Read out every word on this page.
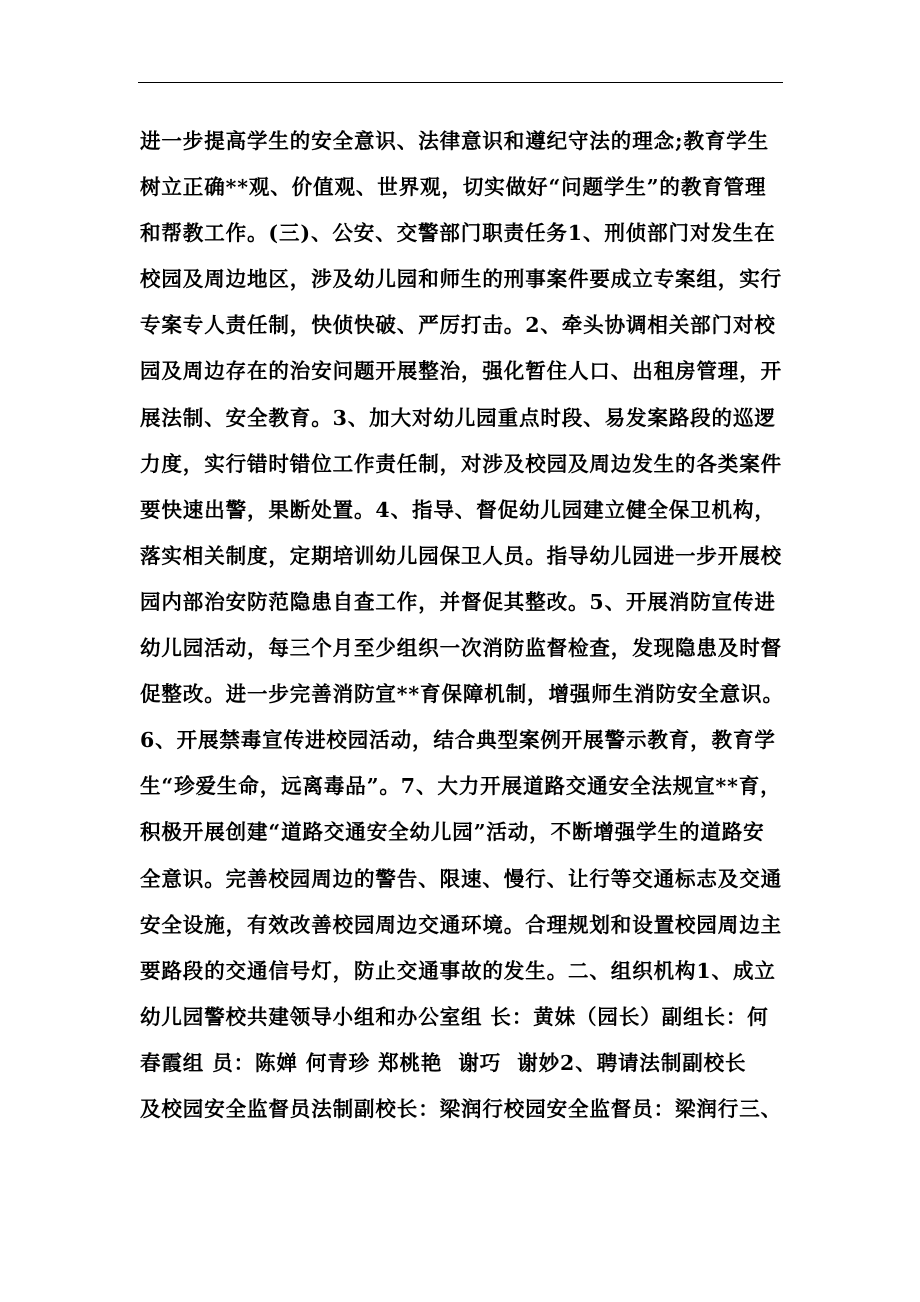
进一步提高学生的安全意识、法律意识和遵纪守法的理念;教育学生
树立正确**观、价值观、世界观，切实做好“问题学生”的教育管理
和帮教工作。(三)、公安、交警部门职责任务1、刑侦部门对发生在
校园及周边地区，涉及幼儿园和师生的刑事案件要成立专案组，实行
专案专人责任制，快侦快破、严厉打击。2、牵头协调相关部门对校
园及周边存在的治安问题开展整治，强化暂住人口、出租房管理，开
展法制、安全教育。3、加大对幼儿园重点时段、易发案路段的巡逻
力度，实行错时错位工作责任制，对涉及校园及周边发生的各类案件
要快速出警，果断处置。4、指导、督促幼儿园建立健全保卫机构，
落实相关制度，定期培训幼儿园保卫人员。指导幼儿园进一步开展校
园内部治安防范隐患自查工作，并督促其整改。5、开展消防宣传进
幼儿园活动，每三个月至少组织一次消防监督检查，发现隐患及时督
促整改。进一步完善消防宣**育保障机制，增强师生消防安全意识。
6、开展禁毒宣传进校园活动，结合典型案例开展警示教育，教育学
生“珍爱生命，远离毒品”。7、大力开展道路交通安全法规宣**育，
积极开展创建“道路交通安全幼儿园”活动，不断增强学生的道路安
全意识。完善校园周边的警告、限速、慢行、让行等交通标志及交通
安全设施，有效改善校园周边交通环境。合理规划和设置校园周边主
要路段的交通信号灯，防止交通事故的发生。二、组织机构1、成立
幼儿园警校共建领导小组和办公室组 长：黄妹（园长）副组长：何
春霞组 员：陈婵 何青珍 郑桃艳  谢巧  谢妙2、聘请法制副校长
及校园安全监督员法制副校长：梁润行校园安全监督员：梁润行三、
